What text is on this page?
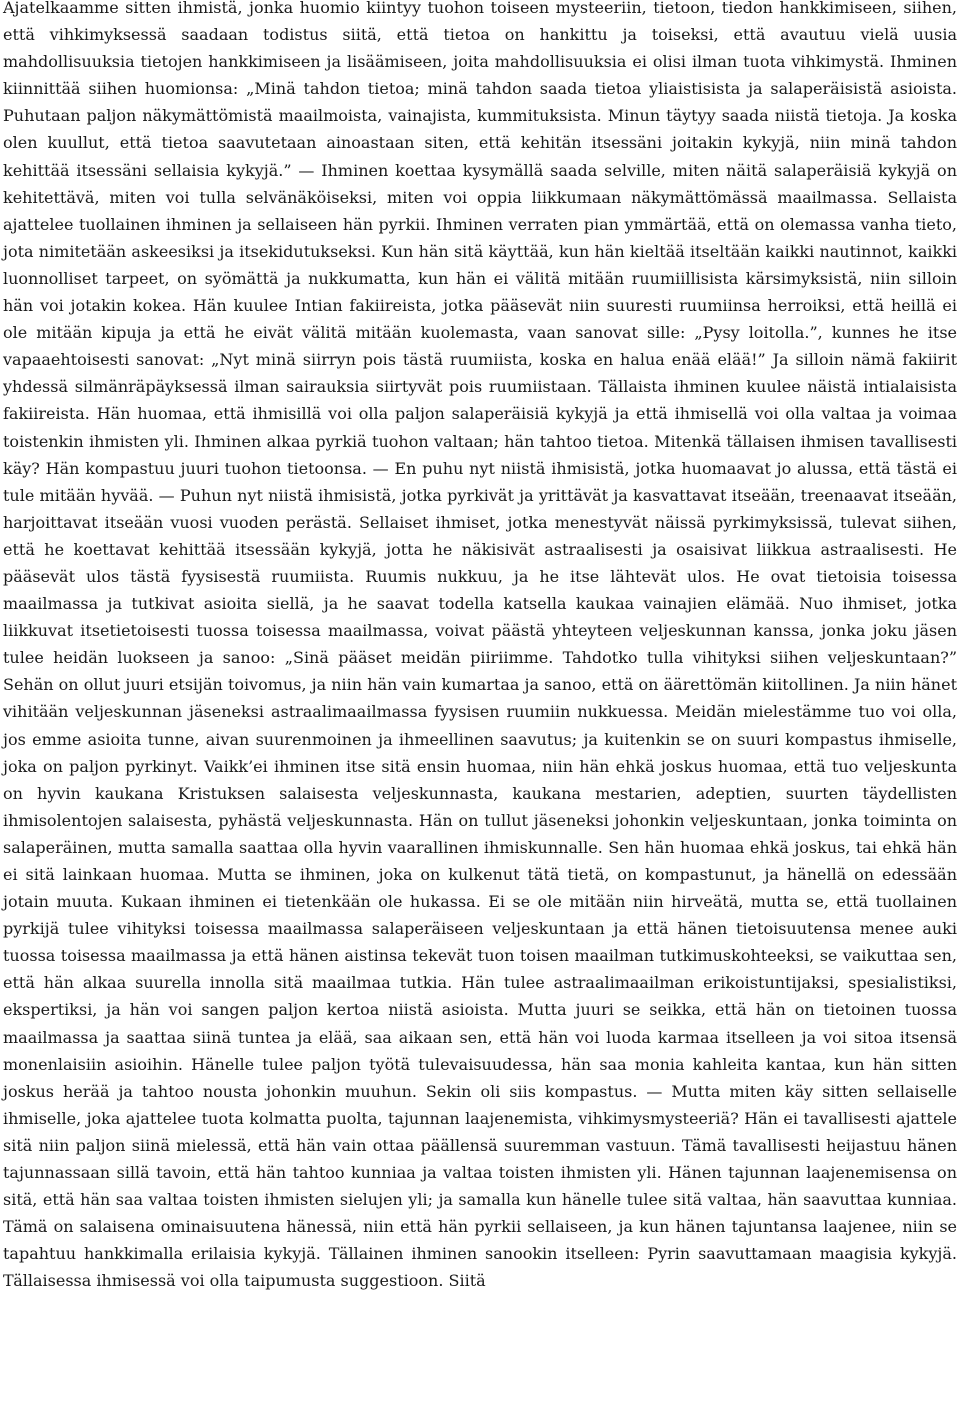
Ajatelkaamme sitten ihmistä, jonka huomio kiintyy tuohon toiseen mysteeriin, tietoon, tiedon hankkimiseen, siihen, että vihkimyksessä saadaan todistus siitä, että tietoa on hankittu ja toiseksi, että avautuu vielä uusia mahdollisuuksia tietojen hankkimiseen ja lisäämiseen, joita mahdollisuuksia ei olisi ilman tuota vihkimystä. Ihminen kiinnittää siihen huomionsa: „Minä tahdon tietoa; minä tahdon saada tietoa yliaistisista ja salaperäisistä asioista. Puhutaan paljon näkymättömistä maailmoista, vainajista, kummituksista. Minun täytyy saada niistä tietoja. Ja koska olen kuullut, että tietoa saavutetaan ainoastaan siten, että kehitän itsessäni joitakin kykyjä, niin minä tahdon kehittää itsessäni sellaisia kykyjä.” — Ihminen koettaa kysymällä saada selville, miten näitä salaperäisiä kykyjä on kehitettävä, miten voi tulla selvänäköiseksi, miten voi oppia liikkumaan näkymättömässä maailmassa. Sellaista ajattelee tuollainen ihminen ja sellaiseen hän pyrkii. Ihminen verraten pian ymmärtää, että on olemassa vanha tieto, jota nimitetään askeesiksi ja itsekidutukseksi. Kun hän sitä käyttää, kun hän kieltää itseltään kaikki nautinnot, kaikki luonnolliset tarpeet, on syömättä ja nukkumatta, kun hän ei välitä mitään ruumiillisista kärsimyksistä, niin silloin hän voi jotakin kokea. Hän kuulee Intian fakiireista, jotka pääsevät niin suuresti ruumiinsa herroiksi, että heillä ei ole mitään kipuja ja että he eivät välitä mitään kuolemasta, vaan sanovat sille: „Pysy loitolla.”, kunnes he itse vapaaehtoisesti sanovat: „Nyt minä siirryn pois tästä ruumiista, koska en halua enää elää!” Ja silloin nämä fakiirit yhdessä silmänräpäyksessä ilman sairauksia siirtyvät pois ruumiistaan. Tällaista ihminen kuulee näistä intialaisista fakiireista. Hän huomaa, että ihmisillä voi olla paljon salaperäisiä kykyjä ja että ihmisellä voi olla valtaa ja voimaa toistenkin ihmisten yli. Ihminen alkaa pyrkiä tuohon valtaan; hän tahtoo tietoa. Mitenkä tällaisen ihmisen tavallisesti käy? Hän kompastuu juuri tuohon tietoonsa. — En puhu nyt niistä ihmisistä, jotka huomaavat jo alussa, että tästä ei tule mitään hyvää. — Puhun nyt niistä ihmisistä, jotka pyrkivät ja yrittävät ja kasvattavat itseään, treenaavat itseään, harjoittavat itseään vuosi vuoden perästä. Sellaiset ihmiset, jotka menestyvät näissä pyrkimyksissä, tulevat siihen, että he koettavat kehittää itsessään kykyjä, jotta he näkisivät astraalisesti ja osaisivat liikkua astraalisesti. He pääsevät ulos tästä fyysisestä ruumiista. Ruumis nukkuu, ja he itse lähtevät ulos. He ovat tietoisia toisessa maailmassa ja tutkivat asioita siellä, ja he saavat todella katsella kaukaa vainajien elämää. Nuo ihmiset, jotka liikkuvat itsetietoisesti tuossa toisessa maailmassa, voivat päästä yhteyteen veljeskunnan kanssa, jonka joku jäsen tulee heidän luokseen ja sanoo: „Sinä pääset meidän piiriimme. Tahdotko tulla vihityksi siihen veljeskuntaan?” Sehän on ollut juuri etsijän toivomus, ja niin hän vain kumartaa ja sanoo, että on äärettömän kiitollinen. Ja niin hänet vihitään veljeskunnan jäseneksi astraalimaailmassa fyysisen ruumiin nukkuessa. Meidän mielestämme tuo voi olla, jos emme asioita tunne, aivan suurenmoinen ja ihmeellinen saavutus; ja kuitenkin se on suuri kompastus ihmiselle, joka on paljon pyrkinyt. Vaikk’ei ihminen itse sitä ensin huomaa, niin hän ehkä joskus huomaa, että tuo veljeskunta on hyvin kaukana Kristuksen salaisesta veljeskunnasta, kaukana mestarien, adeptien, suurten täydellisten ihmisolentojen salaisesta, pyhästä veljeskunnasta. Hän on tullut jäseneksi johonkin veljeskuntaan, jonka toiminta on salaperäinen, mutta samalla saattaa olla hyvin vaarallinen ihmiskunnalle. Sen hän huomaa ehkä joskus, tai ehkä hän ei sitä lainkaan huomaa. Mutta se ihminen, joka on kulkenut tätä tietä, on kompastunut, ja hänellä on edessään jotain muuta. Kukaan ihminen ei tietenkään ole hukassa. Ei se ole mitään niin hirveätä, mutta se, että tuollainen pyrkijä tulee vihityksi toisessa maailmassa salaperäiseen veljeskuntaan ja että hänen tietoisuutensa menee auki tuossa toisessa maailmassa ja että hänen aistinsa tekevät tuon toisen maailman tutkimuskohteeksi, se vaikuttaa sen, että hän alkaa suurella innolla sitä maailmaa tutkia. Hän tulee astraalimaailman erikoistuntijaksi, spesialistiksi, ekspertiksi, ja hän voi sangen paljon kertoa niistä asioista. Mutta juuri se seikka, että hän on tietoinen tuossa maailmassa ja saattaa siinä tuntea ja elää, saa aikaan sen, että hän voi luoda karmaa itselleen ja voi sitoa itsensä monenlaisiin asioihin. Hänelle tulee paljon työtä tulevaisuudessa, hän saa monia kahleita kantaa, kun hän sitten joskus herää ja tahtoo nousta johonkin muuhun. Sekin oli siis kompastus. — Mutta miten käy sitten sellaiselle ihmiselle, joka ajattelee tuota kolmatta puolta, tajunnan laajenemista, vihkimysmysteeriä? Hän ei tavallisesti ajattele sitä niin paljon siinä mielessä, että hän vain ottaa päällensä suuremman vastuun. Tämä tavallisesti heijastuu hänen tajunnassaan sillä tavoin, että hän tahtoo kunniaa ja valtaa toisten ihmisten yli. Hänen tajunnan laajenemisensa on sitä, että hän saa valtaa toisten ihmisten sielujen yli; ja samalla kun hänelle tulee sitä valtaa, hän saavuttaa kunniaa. Tämä on salaisena ominaisuutena hänessä, niin että hän pyrkii sellaiseen, ja kun hänen tajuntansa laajenee, niin se tapahtuu hankkimalla erilaisia kykyjä. Tällainen ihminen sanookin itselleen: Pyrin saavuttamaan maagisia kykyjä. Tällaisessa ihmisessä voi olla taipumusta suggestioon. Siitä
